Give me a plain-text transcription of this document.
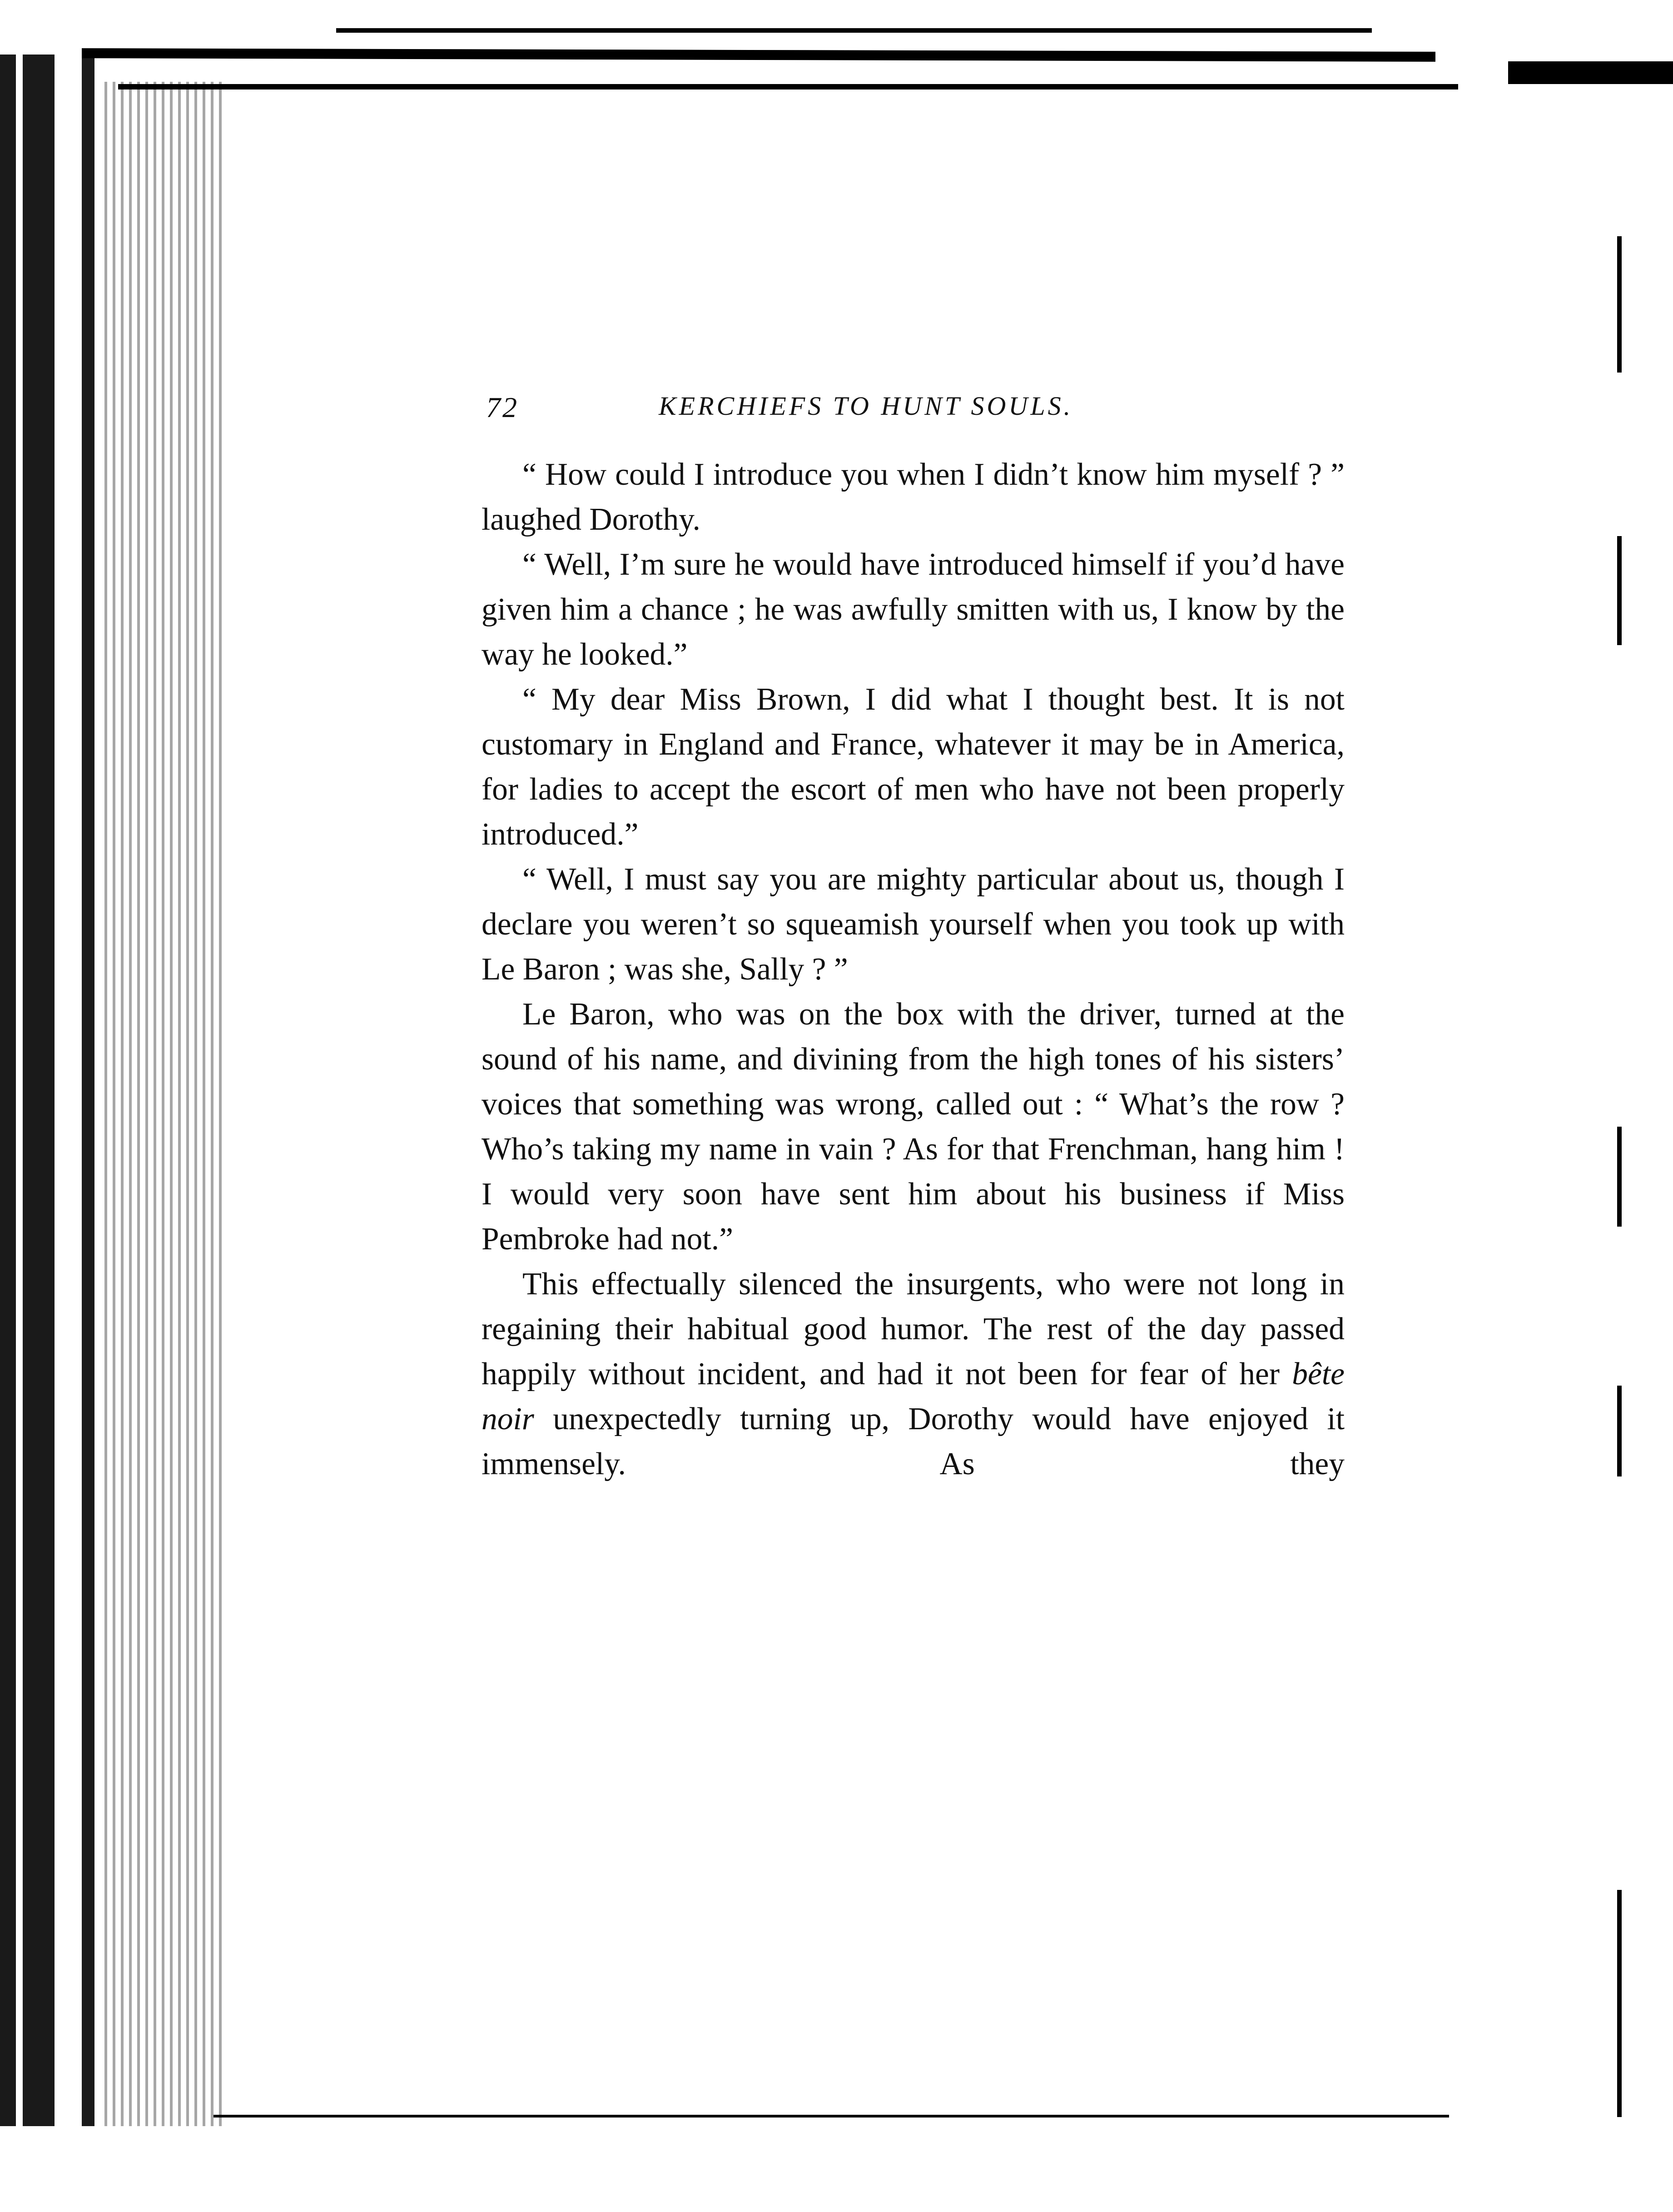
72	KERCHIEFS TO HUNT SOULS.

“ How could I introduce you when I didn’t know him myself ? ” laughed Dorothy.

“ Well, I’m sure he would have introduced himself if you’d have given him a chance ; he was awfully smitten with us, I know by the way he looked.”

“ My dear Miss Brown, I did what I thought best. It is not customary in England and France, whatever it may be in America, for ladies to accept the escort of men who have not been properly introduced.”

“ Well, I must say you are mighty particular about us, though I declare you weren’t so squeamish yourself when you took up with Le Baron ; was she, Sally ? ”

Le Baron, who was on the box with the driver, turned at the sound of his name, and divining from the high tones of his sisters’ voices that something was wrong, called out : “ What’s the row ? Who’s taking my name in vain ? As for that Frenchman, hang him ! I would very soon have sent him about his business if Miss Pembroke had not.”

This effectually silenced the insurgents, who were not long in regaining their habitual good humor. The rest of the day passed happily without incident, and had it not been for fear of her bête noir unexpectedly turning up, Dorothy would have enjoyed it immensely. As they
